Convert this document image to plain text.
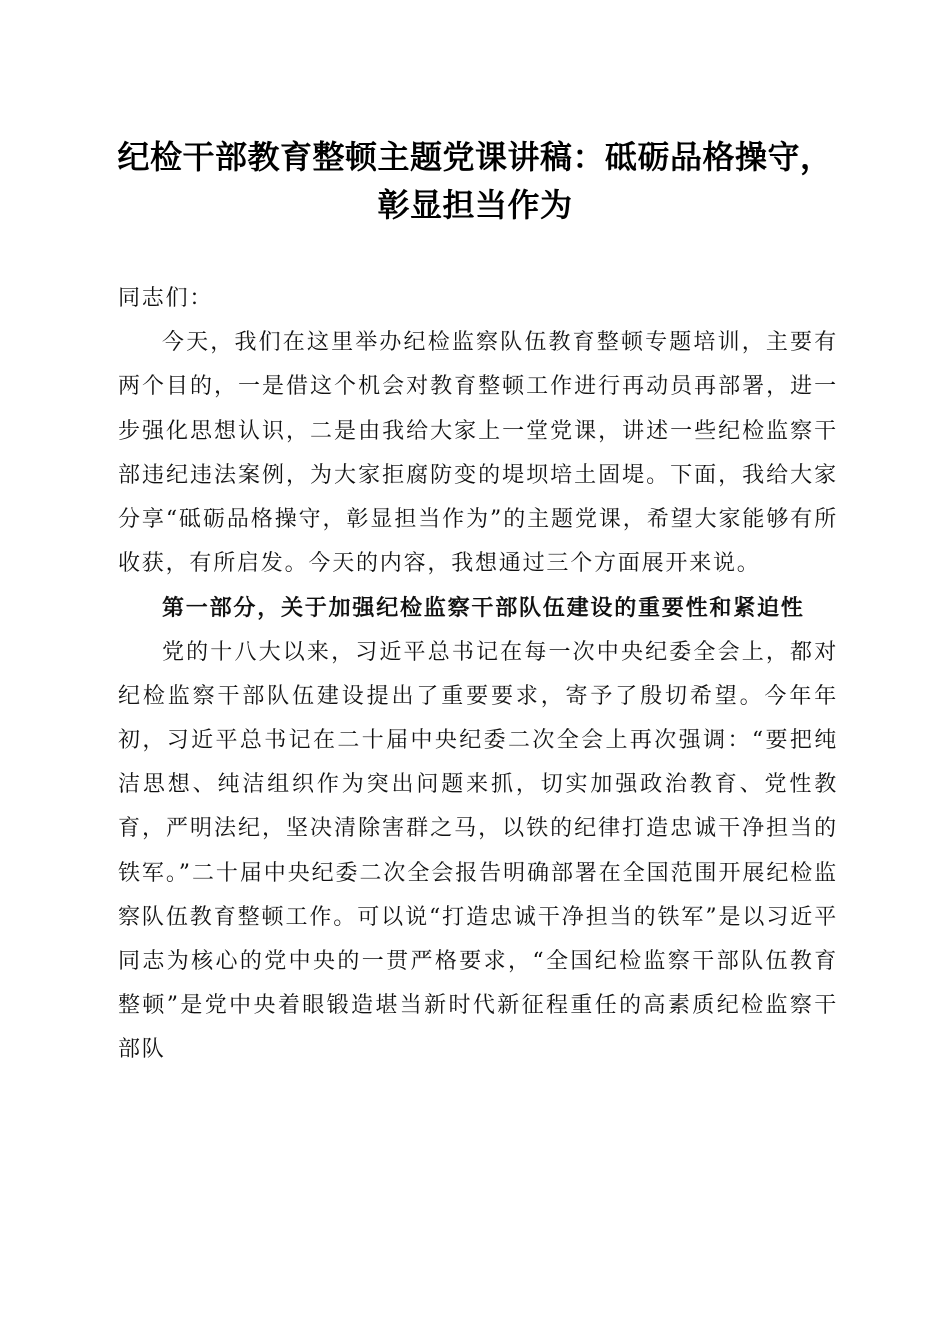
纪检干部教育整顿主题党课讲稿：砥砺品格操守，彰显担当作为

同志们：

今天，我们在这里举办纪检监察队伍教育整顿专题培训，主要有两个目的，一是借这个机会对教育整顿工作进行再动员再部署，进一步强化思想认识，二是由我给大家上一堂党课，讲述一些纪检监察干部违纪违法案例，为大家拒腐防变的堤坝培土固堤。下面，我给大家分享“砥砺品格操守，彰显担当作为”的主题党课，希望大家能够有所收获，有所启发。今天的内容，我想通过三个方面展开来说。

第一部分，关于加强纪检监察干部队伍建设的重要性和紧迫性

党的十八大以来，习近平总书记在每一次中央纪委全会上，都对纪检监察干部队伍建设提出了重要要求，寄予了殷切希望。今年年初，习近平总书记在二十届中央纪委二次全会上再次强调：“要把纯洁思想、纯洁组织作为突出问题来抓，切实加强政治教育、党性教育，严明法纪，坚决清除害群之马，以铁的纪律打造忠诚干净担当的铁军。”二十届中央纪委二次全会报告明确部署在全国范围开展纪检监察队伍教育整顿工作。可以说“打造忠诚干净担当的铁军”是以习近平同志为核心的党中央的一贯严格要求，“全国纪检监察干部队伍教育整顿”是党中央着眼锻造堪当新时代新征程重任的高素质纪检监察干部队
